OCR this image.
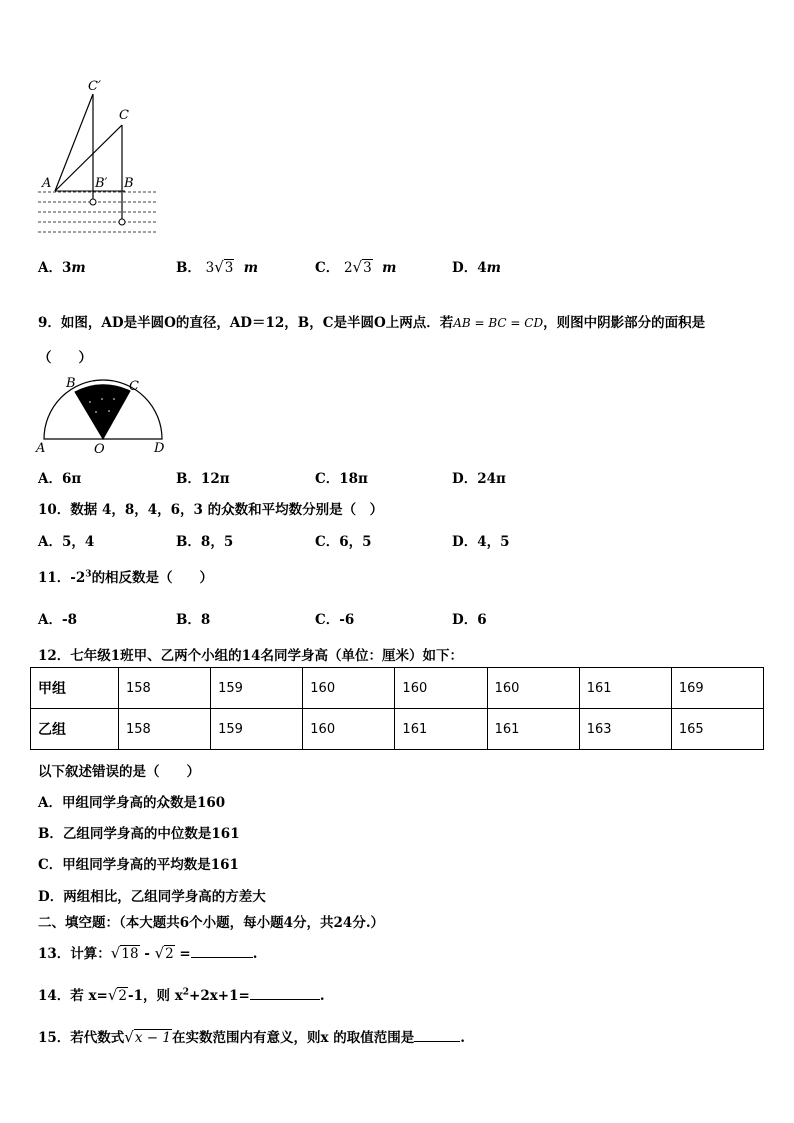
C′
C
A	B′ B
A．3m	B． 3√3 m	C． 2√3 m	D．4m
9．如图，AD是半圆O的直径，AD＝12，B，C是半圆O上两点．若AB = BC = CD，则图中阴影部分的面积是
（　　）
A
B	C
O	D
A．6π	B．12π	C．18π	D．24π
10．数据 4，8，4，6，3 的众数和平均数分别是（　）
A．5，4	B．8，5	C．6，5	D．4，5
11．$-2^3$的相反数是（　　）
A．-8	B．8	C．-6	D．6
12．七年级1班甲、乙两个小组的14名同学身高（单位：厘米）如下：
甲组	158	159	160	160	160	161	169
乙组	158	159	160	161	161	163	165
以下叙述错误的是（　　）
A．甲组同学身高的众数是160
B．乙组同学身高的中位数是161
C．甲组同学身高的平均数是161
D．两组相比，乙组同学身高的方差大
二、填空题：（本大题共6个小题，每小题4分，共24分.）
13．计算：√18 - √2 =	.
14．若 x=√2-1，则 $x^2+2x+1=$	.
15．若代数式√x − 1在实数范围内有意义，则x 的取值范围是	.
